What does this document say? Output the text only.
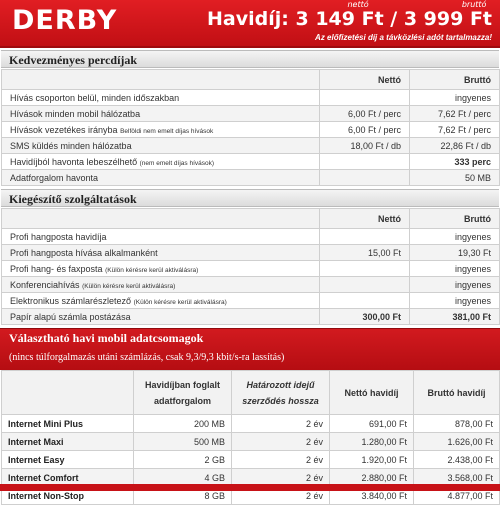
DERBY	Havidíj:
nettó
3 149 Ft /
bruttó
3 999 Ft
Az előfizetési díj a távközlési adót tartalmazza!
Kedvezményes percdíjak
	Nettó	Bruttó
Hívás csoporton belül, minden időszakban		ingyenes
Hívások minden mobil hálózatba	6,00 Ft / perc	7,62 Ft / perc
Hívások vezetékes irányba Belföldi nem emelt díjas hívások	6,00 Ft / perc	7,62 Ft / perc
SMS küldés minden hálózatba	18,00 Ft / db	22,86 Ft / db
Havidíjból havonta lebeszélhető (nem emelt díjas hívások)		333 perc
Adatforgalom havonta		50 MB
Kiegészítő szolgáltatások
	Nettó	Bruttó
Profi hangposta havidíja		ingyenes
Profi hangposta hívása alkalmanként	15,00 Ft	19,30 Ft
Profi hang- és faxposta (Külön kérésre kerül aktiválásra)		ingyenes
Konferenciahívás (Külön kérésre kerül aktiválásra)		ingyenes
Elektronikus számlarészletező (Külön kérésre kerül aktiválásra)		ingyenes
Papír alapú számla postázása	300,00 Ft	381,00 Ft
Választható havi mobil adatcsomagok
(nincs túlforgalmazás utáni számlázás, csak 9,3/9,3 kbit/s-ra lassítás)
	Havidíjban foglalt adatforgalom	Határozott idejű szerződés hossza	Nettó havidíj	Bruttó havidíj
Internet Mini Plus	200 MB	2 év	691,00 Ft	878,00 Ft
Internet Maxi	500 MB	2 év	1.280,00 Ft	1.626,00 Ft
Internet Easy	2 GB	2 év	1.920,00 Ft	2.438,00 Ft
Internet Comfort	4 GB	2 év	2.880,00 Ft	3.568,00 Ft
Internet Non-Stop	8 GB	2 év	3.840,00 Ft	4.877,00 Ft
